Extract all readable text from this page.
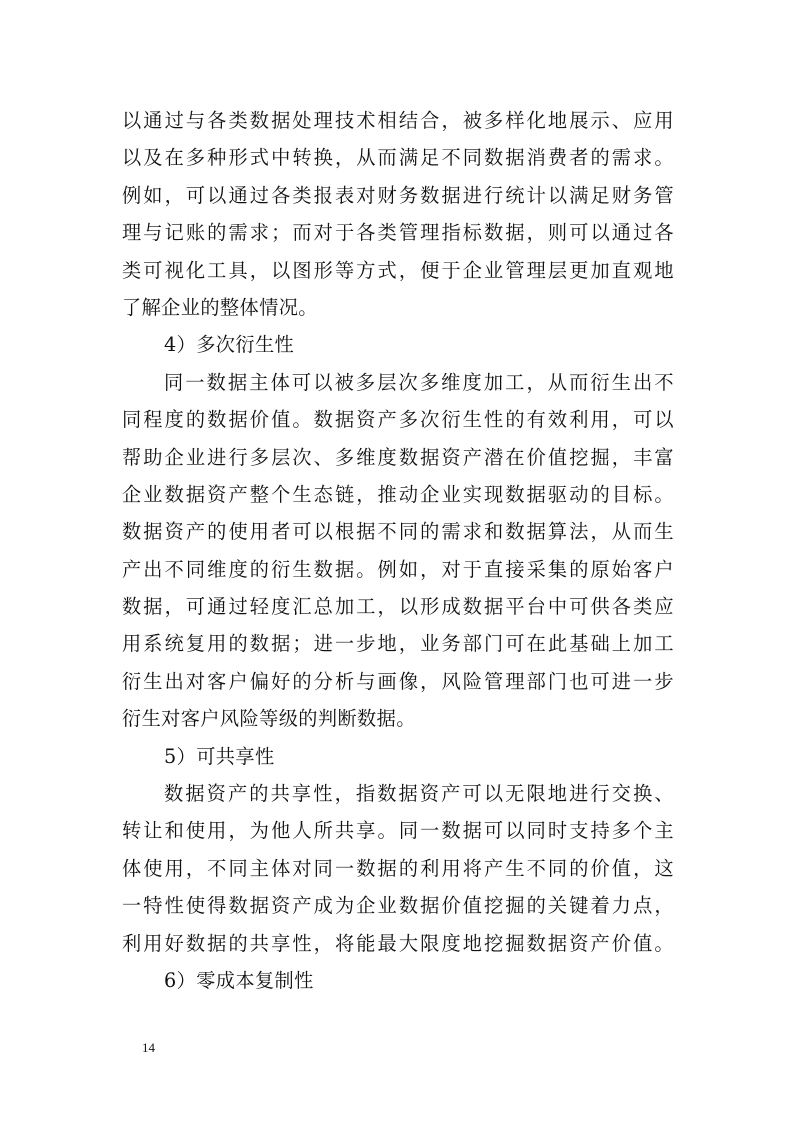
以通过与各类数据处理技术相结合，被多样化地展示、应用
以及在多种形式中转换，从而满足不同数据消费者的需求。
例如，可以通过各类报表对财务数据进行统计以满足财务管
理与记账的需求；而对于各类管理指标数据，则可以通过各
类可视化工具，以图形等方式，便于企业管理层更加直观地
了解企业的整体情况。
4）多次衍生性
同一数据主体可以被多层次多维度加工，从而衍生出不
同程度的数据价值。数据资产多次衍生性的有效利用，可以
帮助企业进行多层次、多维度数据资产潜在价值挖掘，丰富
企业数据资产整个生态链，推动企业实现数据驱动的目标。
数据资产的使用者可以根据不同的需求和数据算法，从而生
产出不同维度的衍生数据。例如，对于直接采集的原始客户
数据，可通过轻度汇总加工，以形成数据平台中可供各类应
用系统复用的数据；进一步地，业务部门可在此基础上加工
衍生出对客户偏好的分析与画像，风险管理部门也可进一步
衍生对客户风险等级的判断数据。
5）可共享性
数据资产的共享性，指数据资产可以无限地进行交换、
转让和使用，为他人所共享。同一数据可以同时支持多个主
体使用，不同主体对同一数据的利用将产生不同的价值，这
一特性使得数据资产成为企业数据价值挖掘的关键着力点，
利用好数据的共享性，将能最大限度地挖掘数据资产价值。
6）零成本复制性
14
